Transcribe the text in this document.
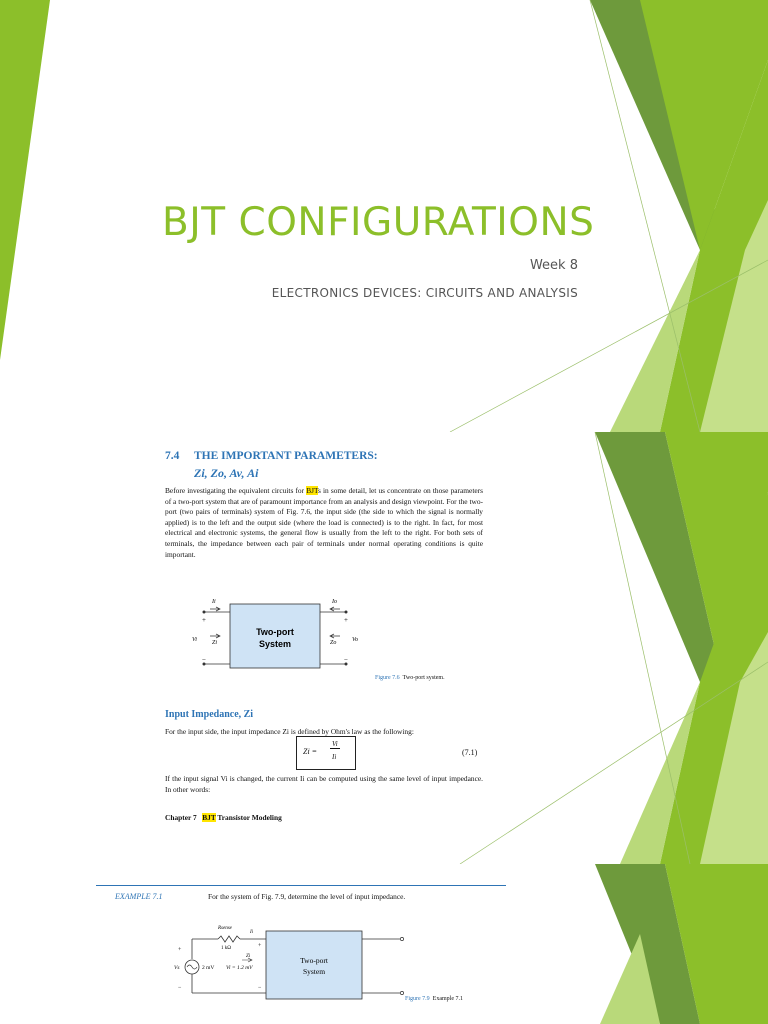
BJT CONFIGURATIONS
Week 8
ELECTRONICS DEVICES: CIRCUITS AND ANALYSIS
7.4 THE IMPORTANT PARAMETERS:
Zi, Zo, Av, Ai
Before investigating the equivalent circuits for BJTs in some detail, let us concentrate on those parameters of a two-port system that are of paramount importance from an analysis and design viewpoint. For the two-port (two pairs of terminals) system of Fig. 7.6, the input side (the side to which the signal is normally applied) is to the left and the output side (where the load is connected) is to the right. In fact, for most electrical and electronic systems, the general flow is usually from the left to the right. For both sets of terminals, the impedance between each pair of terminals under normal operating conditions is quite important.
Two-port
System
Ii	Io
+	+
−	−
Vi	Vo
Zi	Zo
Figure 7.6 Two-port system.
Input Impedance, Zi
For the input side, the input impedance Zi is defined by Ohm's law as the following:
Zi =
Vi
Ii	(7.1)
If the input signal Vi is changed, the current Ii can be computed using the same level of input impedance. In other words:
Chapter 7 BJT Transistor Modeling
EXAMPLE 7.1	For the system of Fig. 7.9, determine the level of input impedance.
Two-port
System
Rsense
1 kΩ
+
−
Vs	2 mV Vi = 1.2 mV
Ii
Zi
+
−
Figure 7.9 Example 7.1
